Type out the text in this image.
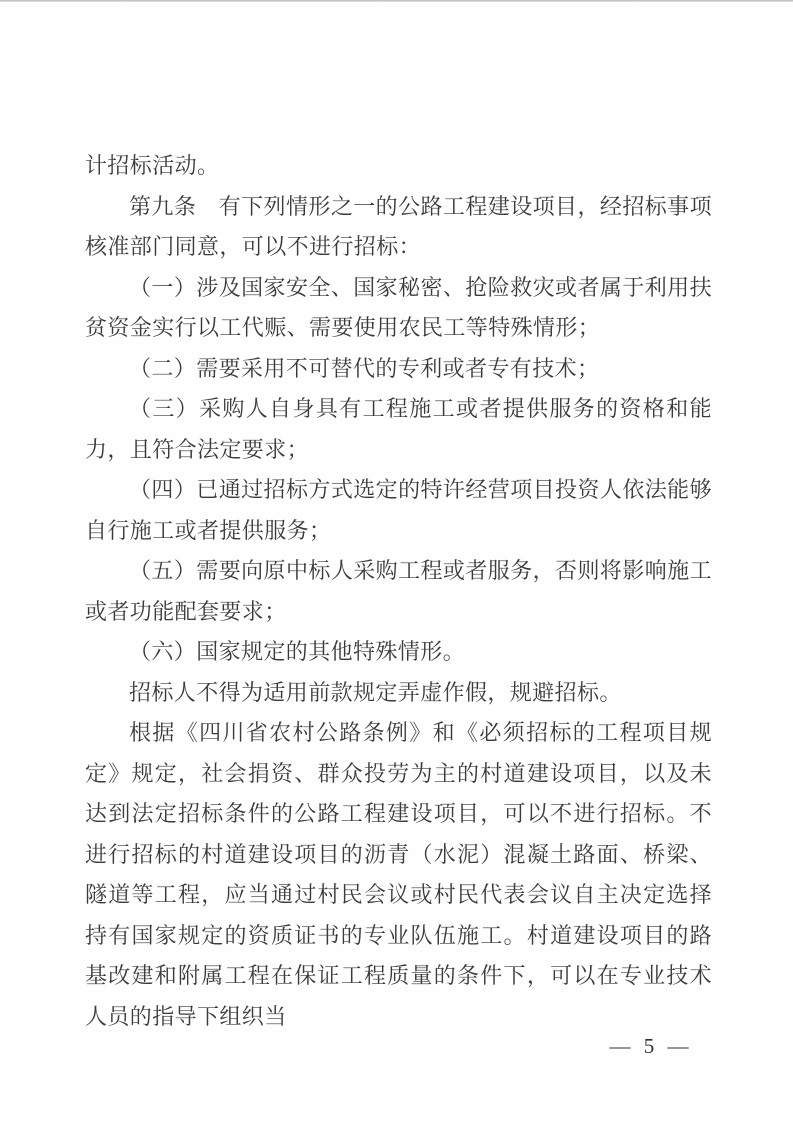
计招标活动。

第九条　有下列情形之一的公路工程建设项目，经招标事项核准部门同意，可以不进行招标：

（一）涉及国家安全、国家秘密、抢险救灾或者属于利用扶贫资金实行以工代赈、需要使用农民工等特殊情形；

（二）需要采用不可替代的专利或者专有技术；

（三）采购人自身具有工程施工或者提供服务的资格和能力，且符合法定要求；

（四）已通过招标方式选定的特许经营项目投资人依法能够自行施工或者提供服务；

（五）需要向原中标人采购工程或者服务，否则将影响施工或者功能配套要求；

（六）国家规定的其他特殊情形。

招标人不得为适用前款规定弄虚作假，规避招标。

根据《四川省农村公路条例》和《必须招标的工程项目规定》规定，社会捐资、群众投劳为主的村道建设项目，以及未达到法定招标条件的公路工程建设项目，可以不进行招标。不进行招标的村道建设项目的沥青（水泥）混凝土路面、桥梁、隧道等工程，应当通过村民会议或村民代表会议自主决定选择持有国家规定的资质证书的专业队伍施工。村道建设项目的路基改建和附属工程在保证工程质量的条件下，可以在专业技术人员的指导下组织当

— 5 —
